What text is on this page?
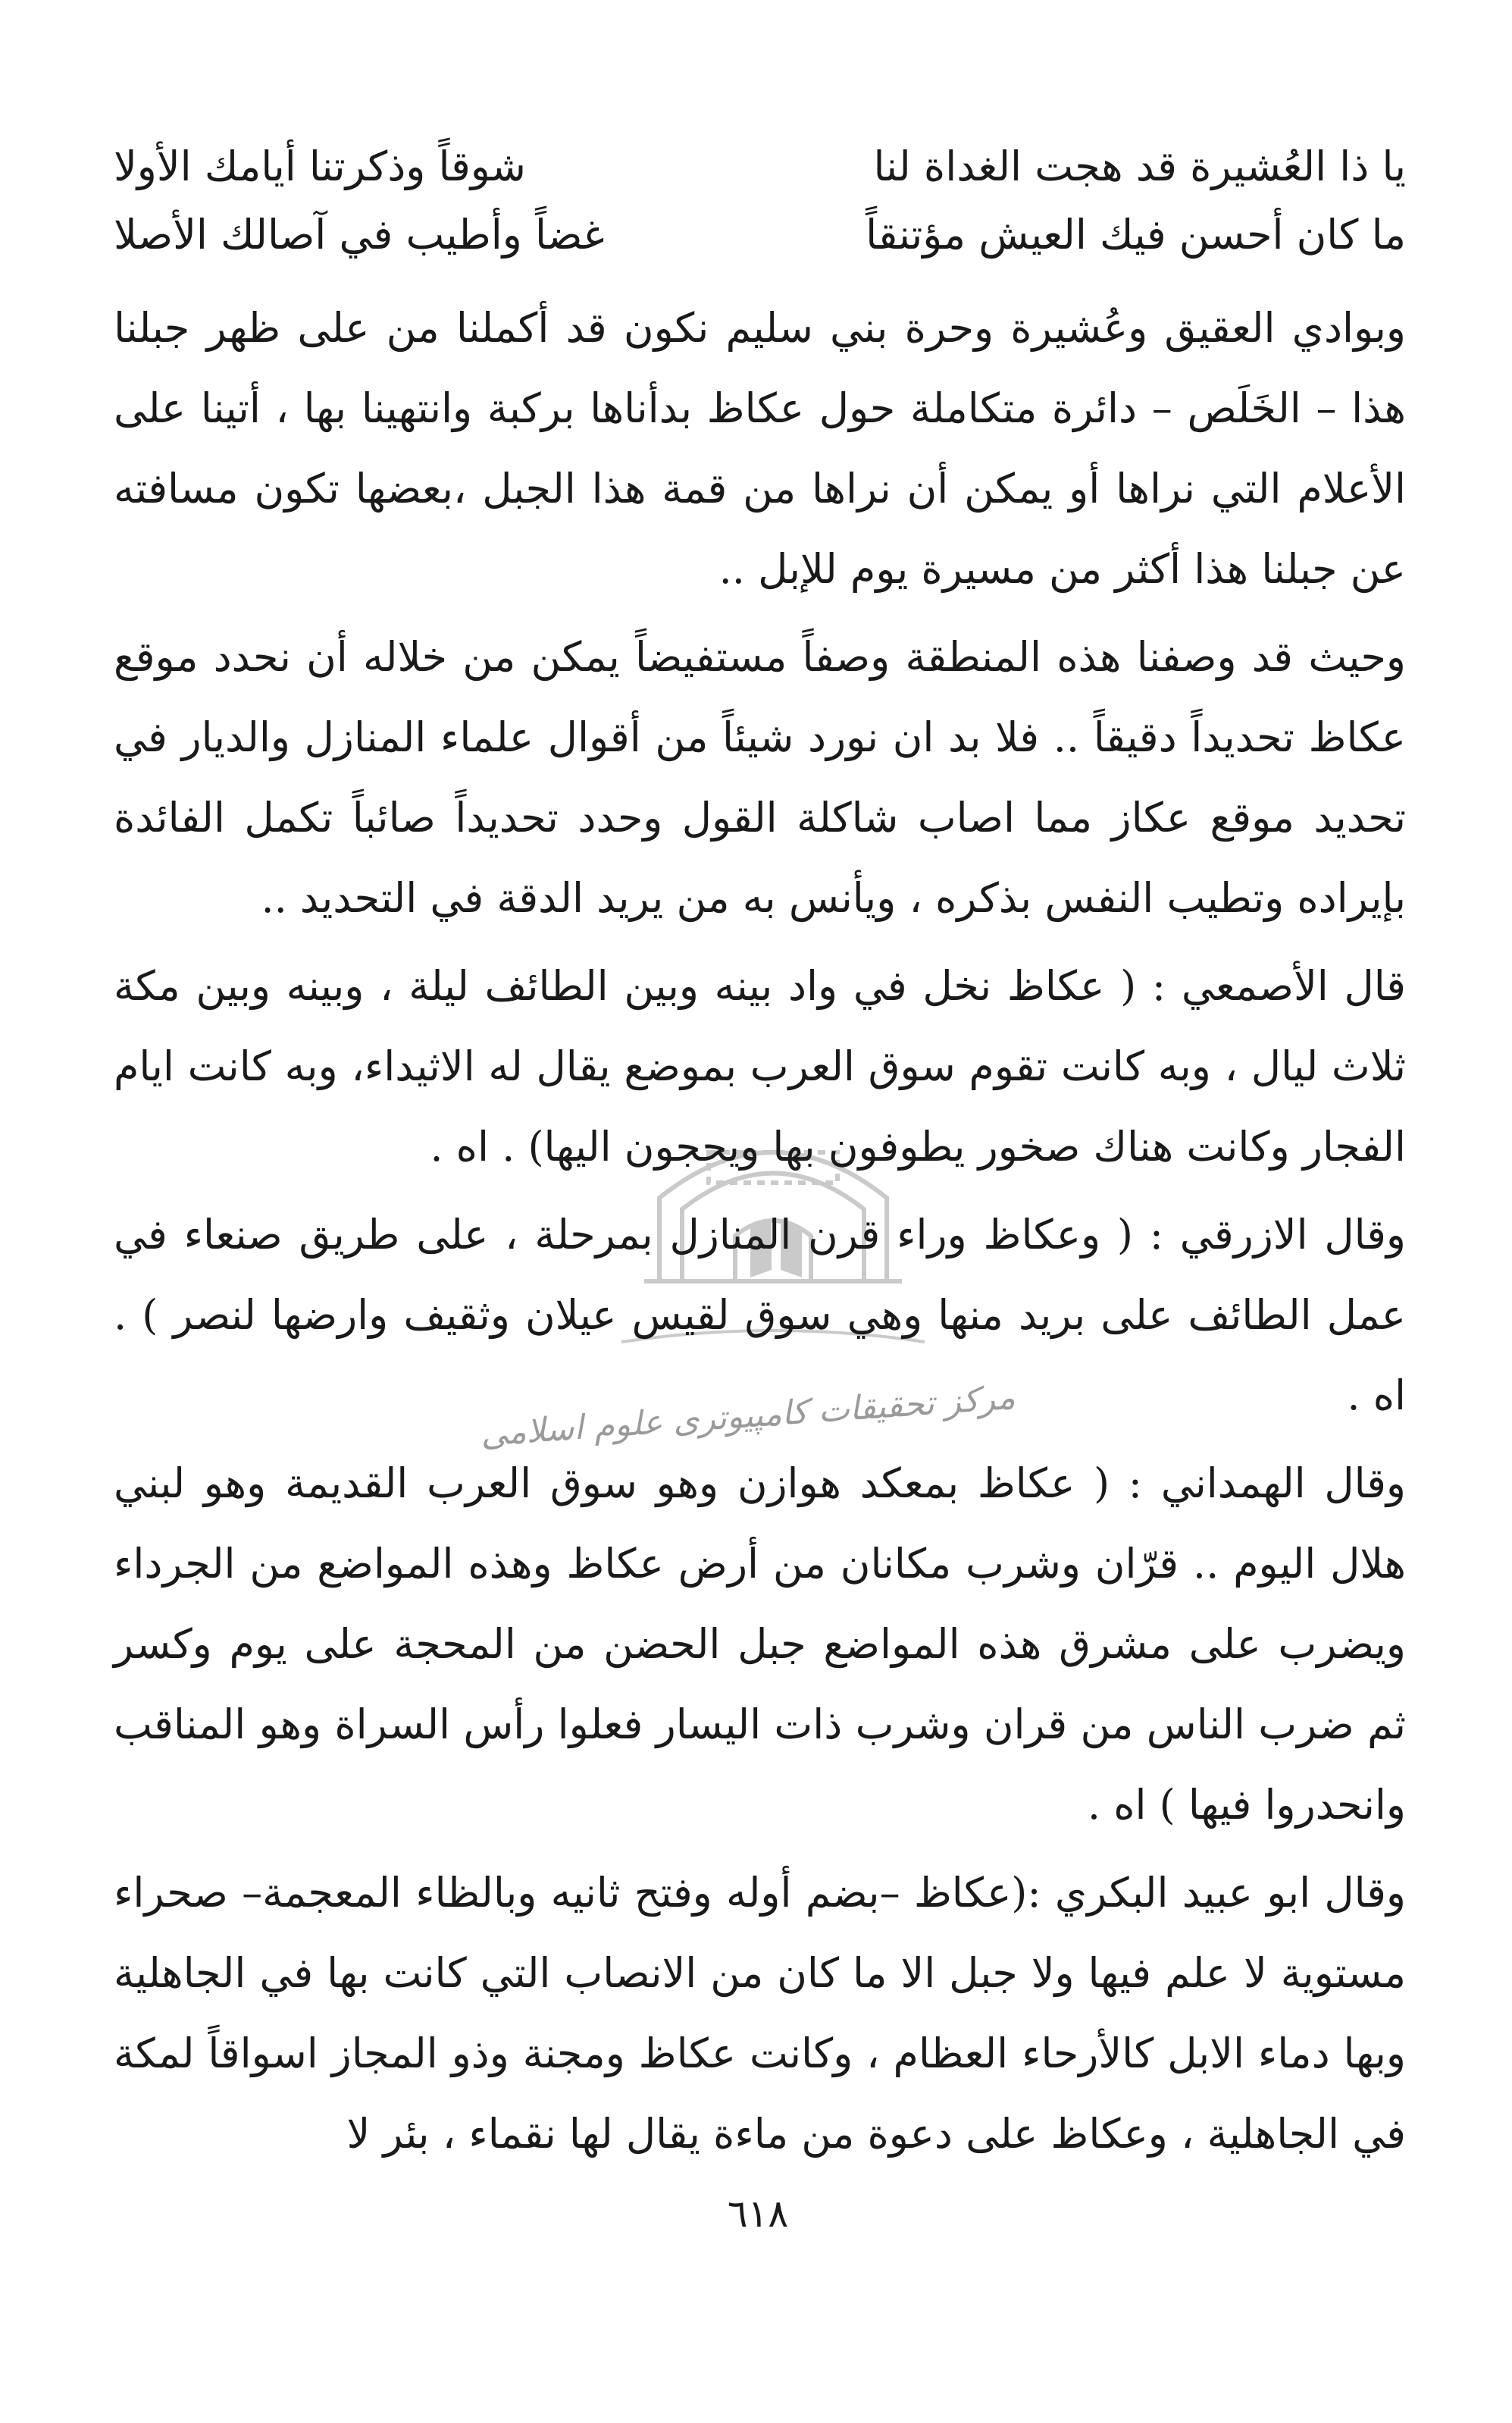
يا ذا العُشيرة قد هجت الغداة لنا
شوقاً وذكرتنا أيامك الأولا
ما كان أحسن فيك العيش مؤتنقاً
غضاً وأطيب في آصالك الأصلا
مرکز تحقیقات کامپیوتری علوم اسلامی

وبوادي العقيق وعُشيرة وحرة بني سليم نكون قد أكملنا من على ظهر جبلنا هذا – الخَلَص – دائرة متكاملة حول عكاظ بدأناها بركبة وانتهينا بها ، أتينا على الأعلام التي نراها أو يمكن أن نراها من قمة هذا الجبل ،بعضها تكون مسافته عن جبلنا هذا أكثر من مسيرة يوم للإبل ..

وحيث قد وصفنا هذه المنطقة وصفاً مستفيضاً يمكن من خلاله أن نحدد موقع عكاظ تحديداً دقيقاً .. فلا بد ان نورد شيئاً من أقوال علماء المنازل والديار في تحديد موقع عكاز مما اصاب شاكلة القول وحدد تحديداً صائباً تكمل الفائدة بإيراده وتطيب النفس بذكره ، ويأنس به من يريد الدقة في التحديد ..

قال الأصمعي : ( عكاظ نخل في واد بينه وبين الطائف ليلة ، وبينه وبين مكة ثلاث ليال ، وبه كانت تقوم سوق العرب بموضع يقال له الاثيداء، وبه كانت ايام الفجار وكانت هناك صخور يطوفون بها ويحجون اليها) . اه .

وقال الازرقي : ( وعكاظ وراء قرن المنازل بمرحلة ، على طريق صنعاء في عمل الطائف على بريد منها وهي سوق لقيس عيلان وثقيف وارضها لنصر ) . اه .

وقال الهمداني : ( عكاظ بمعكد هوازن وهو سوق العرب القديمة وهو لبني هلال اليوم .. قرّان وشرب مكانان من أرض عكاظ وهذه المواضع من الجرداء ويضرب على مشرق هذه المواضع جبل الحضن من المحجة على يوم وكسر ثم ضرب الناس من قران وشرب ذات اليسار فعلوا رأس السراة وهو المناقب وانحدروا فيها ) اه .

وقال ابو عبيد البكري :(عكاظ –بضم أوله وفتح ثانيه وبالظاء المعجمة– صحراء مستوية لا علم فيها ولا جبل الا ما كان من الانصاب التي كانت بها في الجاهلية وبها دماء الابل كالأرحاء العظام ، وكانت عكاظ ومجنة وذو المجاز اسواقاً لمكة في الجاهلية ، وعكاظ على دعوة من ماءة يقال لها نقماء ، بئر لا

٦١٨
